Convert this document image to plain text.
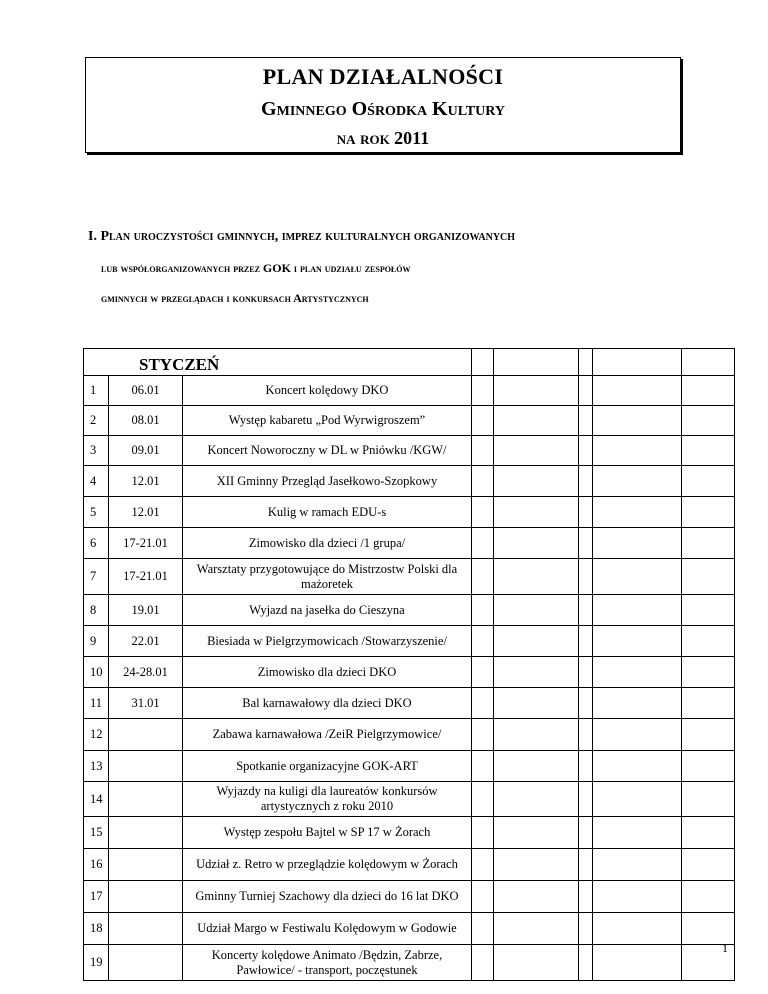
PLAN DZIAŁALNOŚCI
Gminnego Ośrodka Kultury
na rok 2011
I. Plan uroczystości gminnych, imprez kulturalnych organizowanych
lub współorganizowanych przez GOK i plan udziału zespołów
gminnych w przeglądach i konkursach Artystycznych
STYCZEŃ							
1	06.01	Koncert kolędowy DKO					
2	08.01	Występ kabaretu „Pod Wyrwigroszem”					
3	09.01	Koncert Noworoczny w DL w Pniówku /KGW/					
4	12.01	XII Gminny Przegląd Jasełkowo-Szopkowy					
5	12.01	Kulig w ramach EDU-s					
6	17-21.01	Zimowisko dla dzieci /1 grupa/					
7	17-21.01	Warsztaty przygotowujące do Mistrzostw Polski dla mażoretek					
8	19.01	Wyjazd na jasełka do Cieszyna					
9	22.01	Biesiada w Pielgrzymowicach /Stowarzyszenie/					
10	24-28.01	Zimowisko dla dzieci DKO					
11	31.01	Bal karnawałowy dla dzieci DKO					
12		Zabawa karnawałowa /ZeiR Pielgrzymowice/					
13		Spotkanie organizacyjne GOK-ART					
14		Wyjazdy na kuligi dla laureatów konkursów artystycznych z roku 2010					
15		Występ zespołu Bajtel w SP 17 w Żorach					
16		Udział z. Retro w przeglądzie kolędowym w Żorach					
17		Gminny Turniej Szachowy dla dzieci do 16 lat DKO					
18		Udział Margo w Festiwalu Kolędowym w Godowie					
19		Koncerty kolędowe Animato /Będzin, Zabrze, Pawłowice/ - transport, poczęstunek					
1
